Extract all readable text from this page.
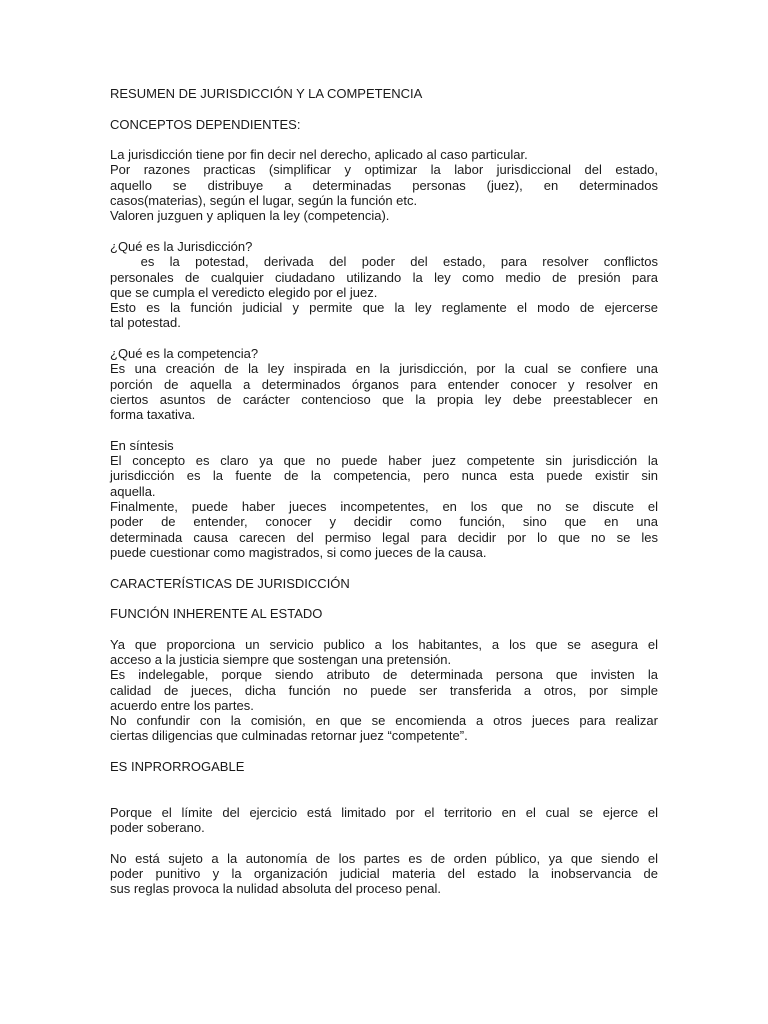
RESUMEN DE JURISDICCIÓN Y LA COMPETENCIA
CONCEPTOS DEPENDIENTES:
La jurisdicción tiene por fin decir nel derecho, aplicado al caso particular.
Por razones practicas (simplificar y optimizar la labor jurisdiccional del estado,
aquello se distribuye a determinadas personas (juez), en determinados
casos(materias), según el lugar, según la función etc.
Valoren juzguen y apliquen la ley (competencia).
¿Qué es la Jurisdicción?
es la potestad, derivada del poder del estado, para resolver conflictos
personales de cualquier ciudadano utilizando la ley como medio de presión para
que se cumpla el veredicto elegido por el juez.
Esto es la función judicial y permite que la ley reglamente el modo de ejercerse
tal potestad.
¿Qué es la competencia?
Es una creación de la ley inspirada en la jurisdicción, por la cual se confiere una
porción de aquella a determinados órganos para entender conocer y resolver en
ciertos asuntos de carácter contencioso que la propia ley debe preestablecer en
forma taxativa.
En síntesis
El concepto es claro ya que no puede haber juez competente sin jurisdicción la
jurisdicción es la fuente de la competencia, pero nunca esta puede existir sin
aquella.
Finalmente, puede haber jueces incompetentes, en los que no se discute el
poder de entender, conocer y decidir como función, sino que en una
determinada causa carecen del permiso legal para decidir por lo que no se les
puede cuestionar como magistrados, si como jueces de la causa.
CARACTERÍSTICAS DE JURISDICCIÓN
FUNCIÓN INHERENTE AL ESTADO
Ya que proporciona un servicio publico a los habitantes, a los que se asegura el
acceso a la justicia siempre que sostengan una pretensión.
Es indelegable, porque siendo atributo de determinada persona que invisten la
calidad de jueces, dicha función no puede ser transferida a otros, por simple
acuerdo entre los partes.
No confundir con la comisión, en que se encomienda a otros jueces para realizar
ciertas diligencias que culminadas retornar juez “competente”.
ES INPRORROGABLE
Porque el límite del ejercicio está limitado por el territorio en el cual se ejerce el
poder soberano.
No está sujeto a la autonomía de los partes es de orden público, ya que siendo el
poder punitivo y la organización judicial materia del estado la inobservancia de
sus reglas provoca la nulidad absoluta del proceso penal.
